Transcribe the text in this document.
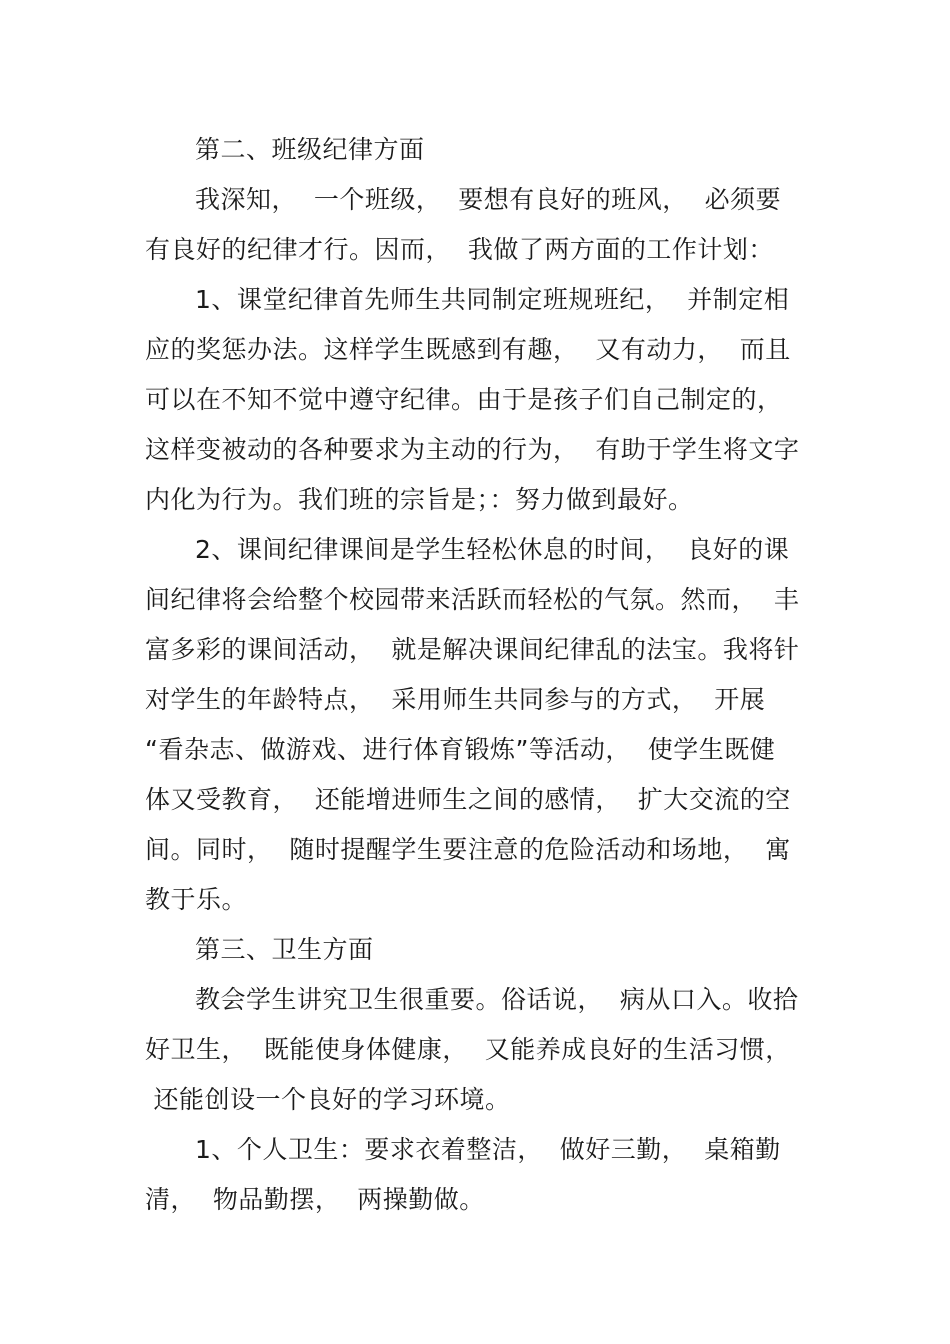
第二、班级纪律方面
我深知，  一个班级，  要想有良好的班风，  必须要
有良好的纪律才行。因而，  我做了两方面的工作计划：
1、课堂纪律首先师生共同制定班规班纪，  并制定相
应的奖惩办法。这样学生既感到有趣，  又有动力，  而且
可以在不知不觉中遵守纪律。由于是孩子们自己制定的，
这样变被动的各种要求为主动的行为，  有助于学生将文字
内化为行为。我们班的宗旨是；：努力做到最好。
2、课间纪律课间是学生轻松休息的时间，  良好的课
间纪律将会给整个校园带来活跃而轻松的气氛。然而，  丰
富多彩的课间活动，  就是解决课间纪律乱的法宝。我将针
对学生的年龄特点，  采用师生共同参与的方式，  开展
“看杂志、做游戏、进行体育锻炼”等活动，  使学生既健
体又受教育，  还能增进师生之间的感情，  扩大交流的空
间。同时，  随时提醒学生要注意的危险活动和场地，  寓
教于乐。
第三、卫生方面
教会学生讲究卫生很重要。俗话说，  病从口入。收拾
好卫生，  既能使身体健康，  又能养成良好的生活习惯，
还能创设一个良好的学习环境。
1、个人卫生：要求衣着整洁，  做好三勤，  桌箱勤
清，  物品勤摆，  两操勤做。
